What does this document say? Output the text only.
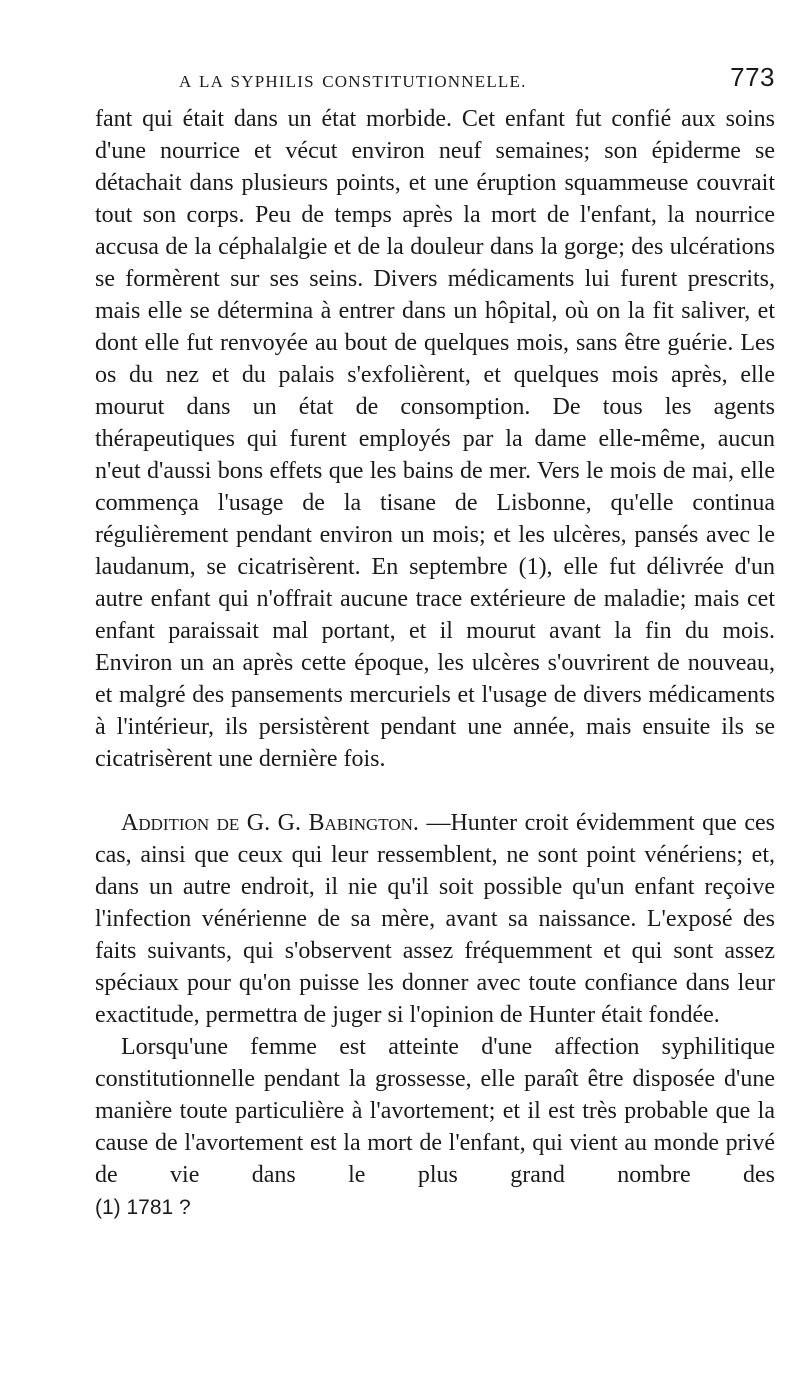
A LA SYPHILIS CONSTITUTIONNELLE.	773

fant qui était dans un état morbide. Cet enfant fut confié aux soins d'une nourrice et vécut environ neuf semaines; son épiderme se détachait dans plusieurs points, et une éruption squammeuse couvrait tout son corps. Peu de temps après la mort de l'enfant, la nourrice accusa de la céphalalgie et de la douleur dans la gorge; des ulcérations se formèrent sur ses seins. Divers médicaments lui furent prescrits, mais elle se détermina à entrer dans un hôpital, où on la fit saliver, et dont elle fut renvoyée au bout de quelques mois, sans être guérie. Les os du nez et du palais s'exfolièrent, et quelques mois après, elle mourut dans un état de consomption. De tous les agents thérapeutiques qui furent employés par la dame elle-même, aucun n'eut d'aussi bons effets que les bains de mer. Vers le mois de mai, elle commença l'usage de la tisane de Lisbonne, qu'elle continua régulièrement pendant environ un mois; et les ulcères, pansés avec le laudanum, se cicatrisèrent. En septembre (1), elle fut délivrée d'un autre enfant qui n'offrait aucune trace extérieure de maladie; mais cet enfant paraissait mal portant, et il mourut avant la fin du mois. Environ un an après cette époque, les ulcères s'ouvrirent de nouveau, et malgré des pansements mercuriels et l'usage de divers médicaments à l'intérieur, ils persistèrent pendant une année, mais ensuite ils se cicatrisèrent une dernière fois.

Addition de G. G. Babington. —Hunter croit évidemment que ces cas, ainsi que ceux qui leur ressemblent, ne sont point vénériens; et, dans un autre endroit, il nie qu'il soit possible qu'un enfant reçoive l'infection vénérienne de sa mère, avant sa naissance. L'exposé des faits suivants, qui s'observent assez fréquemment et qui sont assez spéciaux pour qu'on puisse les donner avec toute confiance dans leur exactitude, permettra de juger si l'opinion de Hunter était fondée.

Lorsqu'une femme est atteinte d'une affection syphilitique constitutionnelle pendant la grossesse, elle paraît être disposée d'une manière toute particulière à l'avortement; et il est très probable que la cause de l'avortement est la mort de l'enfant, qui vient au monde privé de vie dans le plus grand nombre des

(1) 1781 ?
